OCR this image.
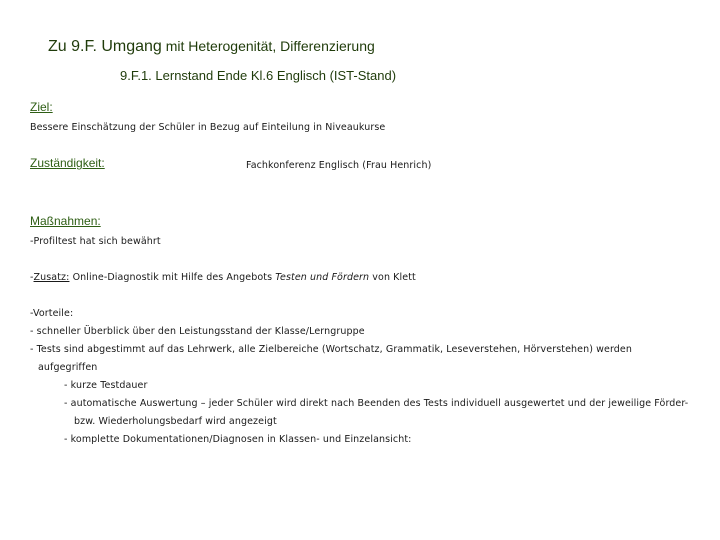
Zu 9.F. Umgang mit Heterogenität, Differenzierung
9.F.1. Lernstand Ende Kl.6 Englisch (IST-Stand)
Ziel:
Bessere Einschätzung der Schüler in Bezug auf Einteilung in Niveaukurse
Zuständigkeit:	Fachkonferenz Englisch (Frau Henrich)
Maßnahmen:
-Profiltest hat sich bewährt
-Zusatz: Online-Diagnostik mit Hilfe des Angebots Testen und Fördern von Klett
-Vorteile:
- schneller Überblick über den Leistungsstand der Klasse/Lerngruppe
- Tests sind abgestimmt auf das Lehrwerk, alle Zielbereiche (Wortschatz, Grammatik, Leseverstehen, Hörverstehen) werden
aufgegriffen
- kurze Testdauer
- automatische Auswertung – jeder Schüler wird direkt nach Beenden des Tests individuell ausgewertet und der jeweilige Förder-
bzw. Wiederholungsbedarf wird angezeigt
- komplette Dokumentationen/Diagnosen in Klassen- und Einzelansicht:
